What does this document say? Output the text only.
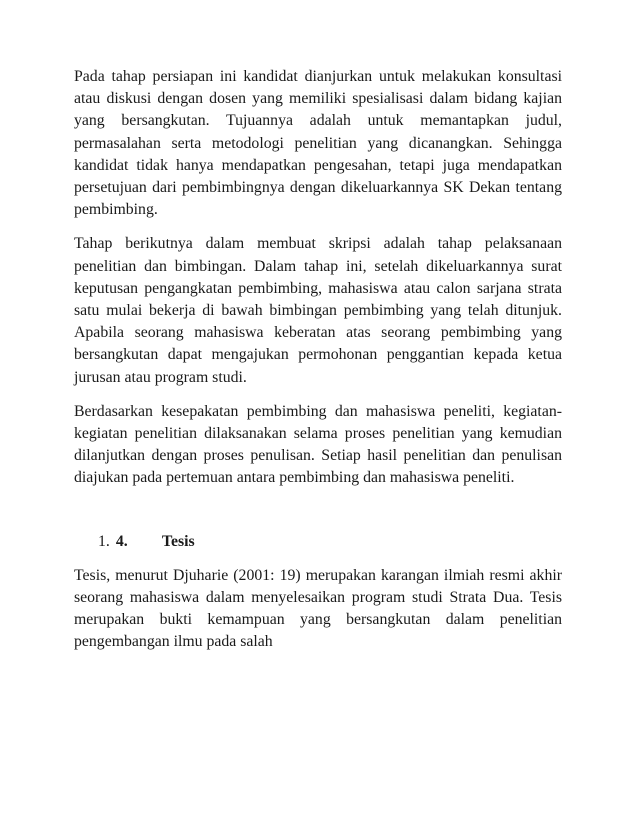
Pada tahap persiapan ini kandidat dianjurkan untuk melakukan konsultasi atau diskusi dengan dosen yang memiliki spesialisasi dalam bidang kajian yang bersangkutan. Tujuannya adalah untuk memantapkan judul, permasalahan serta metodologi penelitian yang dicanangkan. Sehingga kandidat tidak hanya mendapatkan pengesahan, tetapi juga mendapatkan persetujuan dari pembimbingnya dengan dikeluarkannya SK Dekan tentang pembimbing.

Tahap berikutnya dalam membuat skripsi adalah tahap pelaksanaan penelitian dan bimbingan. Dalam tahap ini, setelah dikeluarkannya surat keputusan pengangkatan pembimbing, mahasiswa atau calon sarjana strata satu mulai bekerja di bawah bimbingan pembimbing yang telah ditunjuk. Apabila seorang mahasiswa keberatan atas seorang pembimbing yang bersangkutan dapat mengajukan permohonan penggantian kepada ketua jurusan atau program studi.

Berdasarkan kesepakatan pembimbing dan mahasiswa peneliti, kegiatan-kegiatan penelitian dilaksanakan selama proses penelitian yang kemudian dilanjutkan dengan proses penulisan. Setiap hasil penelitian dan penulisan diajukan pada pertemuan antara pembimbing dan mahasiswa peneliti.

1. 4.	Tesis

Tesis, menurut Djuharie (2001: 19) merupakan karangan ilmiah resmi akhir seorang mahasiswa dalam menyelesaikan program studi Strata Dua. Tesis merupakan bukti kemampuan yang bersangkutan dalam penelitian pengembangan ilmu pada salah
